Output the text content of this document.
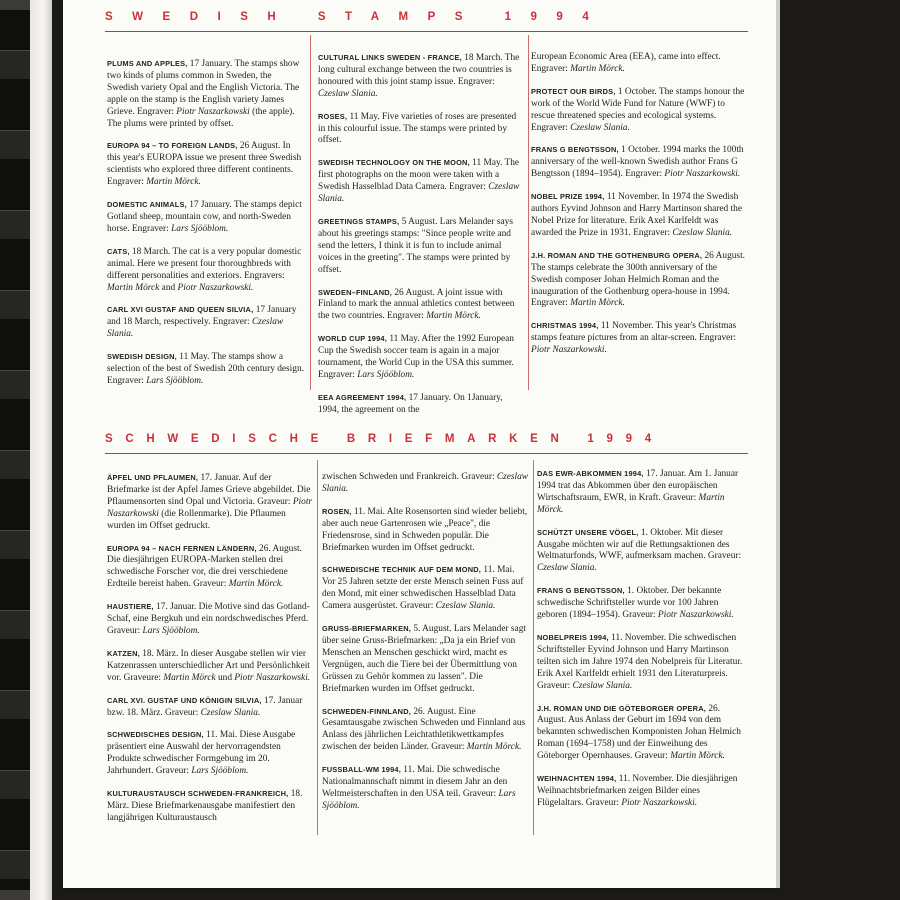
SWEDISH STAMPS 1994

PLUMS AND APPLES, 17 January. The stamps show two kinds of plums common in Sweden, the Swedish variety Opal and the English Victoria. The apple on the stamp is the English variety James Grieve. Engraver: Piotr Naszarkowski (the apple). The plums were printed by offset.

EUROPA 94 – TO FOREIGN LANDS, 26 August. In this year's EUROPA issue we present three Swedish scientists who explored three different continents. Engraver: Martin Mörck.

DOMESTIC ANIMALS, 17 January. The stamps depict Gotland sheep, mountain cow, and north-Sweden horse. Engraver: Lars Sjööblom.

CATS, 18 March. The cat is a very popular domestic animal. Here we present four thoroughbreds with different personalities and exteriors. Engravers: Martin Mörck and Piotr Naszarkowski.

CARL XVI GUSTAF AND QUEEN SILVIA, 17 January and 18 March, respectively. Engraver: Czeslaw Slania.

SWEDISH DESIGN, 11 May. The stamps show a selection of the best of Swedish 20th century design. Engraver: Lars Sjööblom.

CULTURAL LINKS SWEDEN - FRANCE, 18 March. The long cultural exchange between the two countries is honoured with this joint stamp issue. Engraver: Czeslaw Slania.

ROSES, 11 May. Five varieties of roses are presented in this colourful issue. The stamps were printed by offset.

SWEDISH TECHNOLOGY ON THE MOON, 11 May. The first photographs on the moon were taken with a Swedish Hasselblad Data Camera. Engraver: Czeslaw Slania.

GREETINGS STAMPS, 5 August. Lars Melander says about his greetings stamps: "Since people write and send the letters, I think it is fun to include animal voices in the greeting". The stamps were printed by offset.

SWEDEN–FINLAND, 26 August. A joint issue with Finland to mark the annual athletics contest between the two countries. Engraver: Martin Mörck.

WORLD CUP 1994, 11 May. After the 1992 European Cup the Swedish soccer team is again in a major tournament, the World Cup in the USA this summer. Engraver: Lars Sjööblom.

EEA AGREEMENT 1994, 17 January. On 1January, 1994, the agreement on the

European Economic Area (EEA), came into effect. Engraver: Martin Mörck.

PROTECT OUR BIRDS, 1 October. The stamps honour the work of the World Wide Fund for Nature (WWF) to rescue threatened species and ecological systems. Engraver: Czeslaw Slania.

FRANS G BENGTSSON, 1 October. 1994 marks the 100th anniversary of the well-known Swedish author Frans G Bengtsson (1894–1954). Engraver: Piotr Naszarkowski.

NOBEL PRIZE 1994, 11 November. In 1974 the Swedish authors Eyvind Johnson and Harry Martinson shared the Nobel Prize for literature. Erik Axel Karlfeldt was awarded the Prize in 1931. Engraver: Czeslaw Slania.

J.H. ROMAN AND THE GOTHENBURG OPERA, 26 August. The stamps celebrate the 300th anniversary of the Swedish composer Johan Helmich Roman and the inauguration of the Gothenburg opera-house in 1994. Engraver: Martin Mörck.

CHRISTMAS 1994, 11 November. This year's Christmas stamps feature pictures from an altar-screen. Engraver: Piotr Naszarkowski.

SCHWEDISCHE BRIEFMARKEN 1994

ÄPFEL UND PFLAUMEN, 17. Januar. Auf der Briefmarke ist der Apfel James Grieve abgebildet. Die Pflaumensorten sind Opal und Victoria. Graveur: Piotr Naszarkowski (die Rollenmarke). Die Pflaumen wurden im Offset gedruckt.

EUROPA 94 – NACH FERNEN LÄNDERN, 26. August. Die diesjährigen EUROPA-Marken stellen drei schwedische Forscher vor, die drei verschiedene Erdteile bereist haben. Graveur: Martin Mörck.

HAUSTIERE, 17. Januar. Die Motive sind das Gotland-Schaf, eine Bergkuh und ein nordschwedisches Pferd. Graveur: Lars Sjööblom.

KATZEN, 18. März. In dieser Ausgabe stellen wir vier Katzenrassen unterschiedlicher Art und Persönlichkeit vor. Graveure: Martin Mörck und Piotr Naszarkowski.

CARL XVI. GUSTAF UND KÖNIGIN SILVIA, 17. Januar bzw. 18. März. Graveur: Czeslaw Slania.

SCHWEDISCHES DESIGN, 11. Mai. Diese Ausgabe präsentiert eine Auswahl der hervorragendsten Produkte schwedischer Formgebung im 20. Jahrhundert. Graveur: Lars Sjööblom.

KULTURAUSTAUSCH SCHWEDEN-FRANKREICH, 18. März. Diese Briefmarkenausgabe manifestiert den langjährigen Kulturaustausch

zwischen Schweden und Frankreich. Graveur: Czeslaw Slania.

ROSEN, 11. Mai. Alte Rosensorten sind wieder beliebt, aber auch neue Gartenrosen wie „Peace", die Friedensrose, sind in Schweden populär. Die Briefmarken wurden im Offset gedruckt.

SCHWEDISCHE TECHNIK AUF DEM MOND, 11. Mai. Vor 25 Jahren setzte der erste Mensch seinen Fuss auf den Mond, mit einer schwedischen Hasselblad Data Camera ausgerüstet. Graveur: Czeslaw Slania.

GRUSS-BRIEFMARKEN, 5. August. Lars Melander sagt über seine Gruss-Briefmarken: „Da ja ein Brief von Menschen an Menschen geschickt wird, macht es Vergnügen, auch die Tiere bei der Übermittlung von Grüssen zu Gehör kommen zu lassen". Die Briefmarken wurden im Offset gedruckt.

SCHWEDEN-FINNLAND, 26. August. Eine Gesamtausgabe zwischen Schweden und Finnland aus Anlass des jährlichen Leichtathletikwettkampfes zwischen der beiden Länder. Graveur: Martin Mörck.

FUSSBALL-WM 1994, 11. Mai. Die schwedische Nationalmannschaft nimmt in diesem Jahr an den Weltmeisterschaften in den USA teil. Graveur: Lars Sjööblom.

DAS EWR-ABKOMMEN 1994, 17. Januar. Am 1. Januar 1994 trat das Abkommen über den europäischen Wirtschaftsraum, EWR, in Kraft. Graveur: Martin Mörck.

SCHÜTZT UNSERE VÖGEL, 1. Oktober. Mit dieser Ausgabe möchten wir auf die Rettungsaktionen des Weltnaturfonds, WWF, aufmerksam machen. Graveur: Czeslaw Slania.

FRANS G BENGTSSON, 1. Oktober. Der bekannte schwedische Schriftsteller wurde vor 100 Jahren geboren (1894–1954). Graveur: Piotr Naszarkowski.

NOBELPREIS 1994, 11. November. Die schwedischen Schriftsteller Eyvind Johnson und Harry Martinson teilten sich im Jahre 1974 den Nobelpreis für Literatur. Erik Axel Karlfeldt erhielt 1931 den Literaturpreis. Graveur: Czeslaw Slania.

J.H. ROMAN UND DIE GÖTEBORGER OPERA, 26. August. Aus Anlass der Geburt im 1694 von dem bekannten schwedischen Komponisten Johan Helmich Roman (1694–1758) und der Einweihung des Göteborger Opernhauses. Graveur: Martin Mörck.

WEIHNACHTEN 1994, 11. November. Die diesjährigen Weihnachtsbriefmarken zeigen Bilder eines Flügelaltars. Graveur: Piotr Naszarkowski.
